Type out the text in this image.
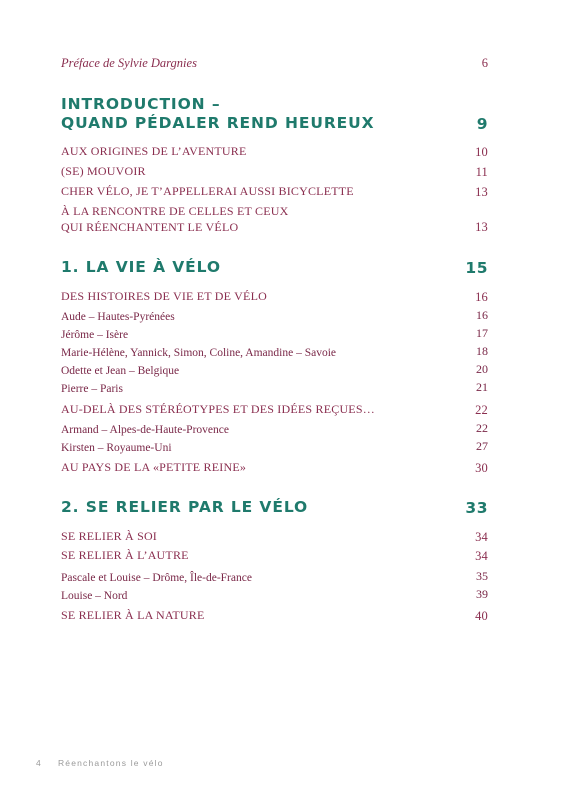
Préface de Sylvie Dargnies	6
INTRODUCTION –
QUAND PÉDALER REND HEUREUX	9
AUX ORIGINES DE L’AVENTURE	10
(SE) MOUVOIR	11
CHER VÉLO, JE T’APPELLERAI AUSSI BICYCLETTE	13
À LA RENCONTRE DE CELLES ET CEUX
QUI RÉENCHANTENT LE VÉLO	13
1. LA VIE À VÉLO	15
DES HISTOIRES DE VIE ET DE VÉLO	16
Aude – Hautes-Pyrénées	16
Jérôme – Isère	17
Marie-Hélène, Yannick, Simon, Coline, Amandine – Savoie	18
Odette et Jean – Belgique	20
Pierre – Paris	21
AU-DELÀ DES STÉRÉOTYPES ET DES IDÉES REÇUES…	22
Armand – Alpes-de-Haute-Provence	22
Kirsten – Royaume-Uni	27
AU PAYS DE LA «PETITE REINE»	30
2. SE RELIER PAR LE VÉLO	33
SE RELIER À SOI	34
SE RELIER À L’AUTRE	34
Pascale et Louise – Drôme, Île-de-France	35
Louise – Nord	39
SE RELIER À LA NATURE	40
4 Réenchantons le vélo
